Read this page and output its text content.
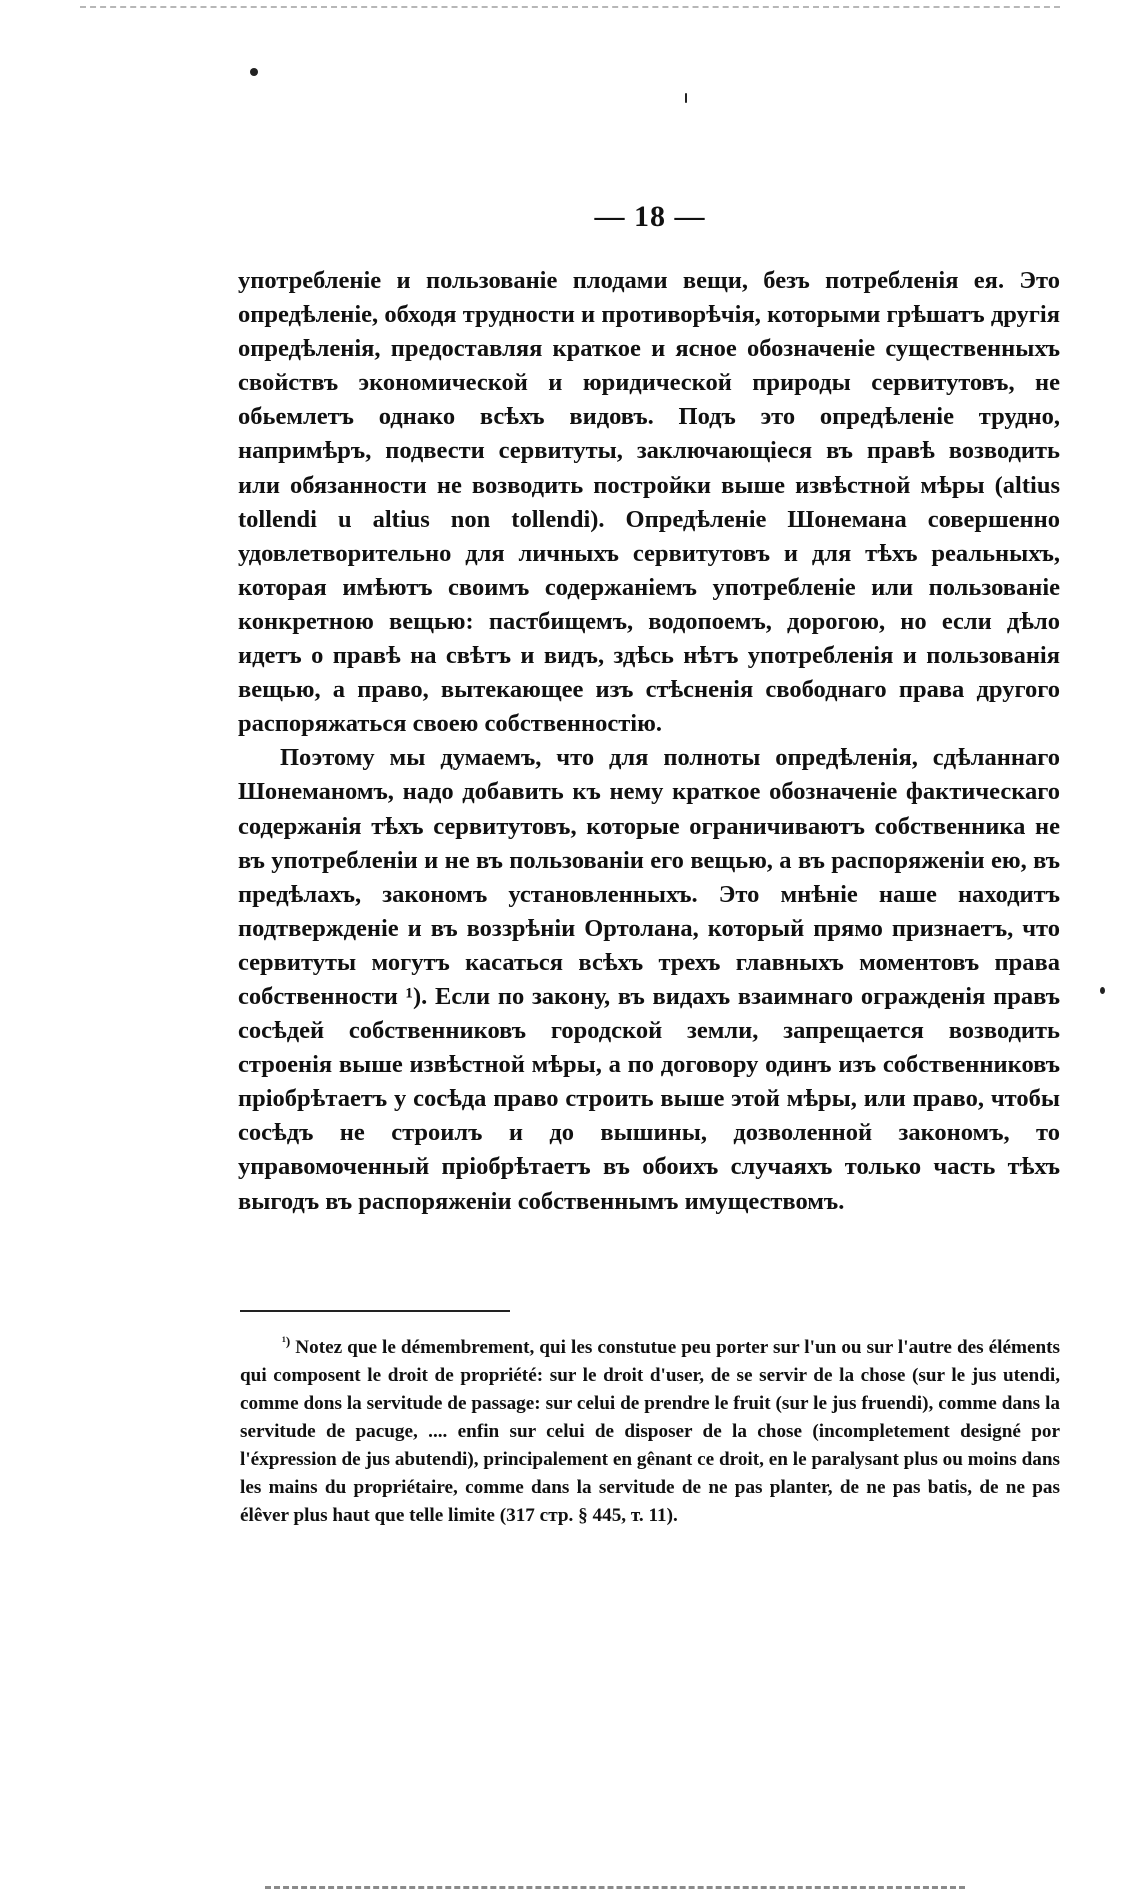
— 18 —

употребленіе и пользованіе плодами вещи, безъ потребленія ея. Это опредѣленіе, обходя трудности и противорѣчія, которыми грѣшатъ другія опредѣленія, предоставляя краткое и ясное обозначеніе существенныхъ свойствъ экономической и юридической природы сервитутовъ, не обьемлетъ однако всѣхъ видовъ. Подъ это опредѣленіе трудно, напримѣръ, подвести сервитуты, заключающіеся въ правѣ возводить или обязанности не возводить постройки выше извѣстной мѣры (altius tollendi u altius non tollendi). Опредѣленіе Шонемана совершенно удовлетворительно для личныхъ сервитутовъ и для тѣхъ реальныхъ, которая имѣютъ своимъ содержаніемъ употребленіе или пользованіе конкретною вещью: пастбищемъ, водопоемъ, дорогою, но если дѣло идетъ о правѣ на свѣтъ и видъ, здѣсь нѣтъ употребленія и пользованія вещью, а право, вытекающее изъ стѣсненія свободнаго права другого распоряжаться своею собственностію.

Поэтому мы думаемъ, что для полноты опредѣленія, сдѣланнаго Шонеманомъ, надо добавить къ нему краткое обозначеніе фактическаго содержанія тѣхъ сервитутовъ, которые ограничиваютъ собственника не въ употребленіи и не въ пользованіи его вещью, а въ распоряженіи ею, въ предѣлахъ, закономъ установленныхъ. Это мнѣніе наше находитъ подтвержденіе и въ воззрѣніи Ортолана, который прямо признаетъ, что сервитуты могутъ касаться всѣхъ трехъ главныхъ моментовъ права собственности ¹). Если по закону, въ видахъ взаимнаго огражденія правъ сосѣдей собственниковъ городской земли, запрещается возводить строенія выше извѣстной мѣры, а по договору одинъ изъ собственниковъ пріобрѣтаетъ у сосѣда право строить выше этой мѣры, или право, чтобы сосѣдъ не строилъ и до вышины, дозволенной закономъ, то управомоченный пріобрѣтаетъ въ обоихъ случаяхъ только часть тѣхъ выгодъ въ распоряженіи собственнымъ имуществомъ.

$^{^1)}$ Notez que le démembrement, qui les constutue peu porter sur l'un ou sur l'autre des éléments qui composent le droit de propriété: sur le droit d'user, de se servir de la chose (sur le jus utendi, comme dons la servitude de passage: sur celui de prendre le fruit (sur le jus fruendi), comme dans la servitude de pacuge, .... enfin sur celui de disposer de la chose (incompletement designé por l'éxpression de jus abutendi), principalement en gênant ce droit, en le paralysant plus ou moins dans les mains du propriétaire, comme dans la servitude de ne pas planter, de ne pas batis, de ne pas élêver plus haut que telle limite (317 стр. § 445, т. 11).
